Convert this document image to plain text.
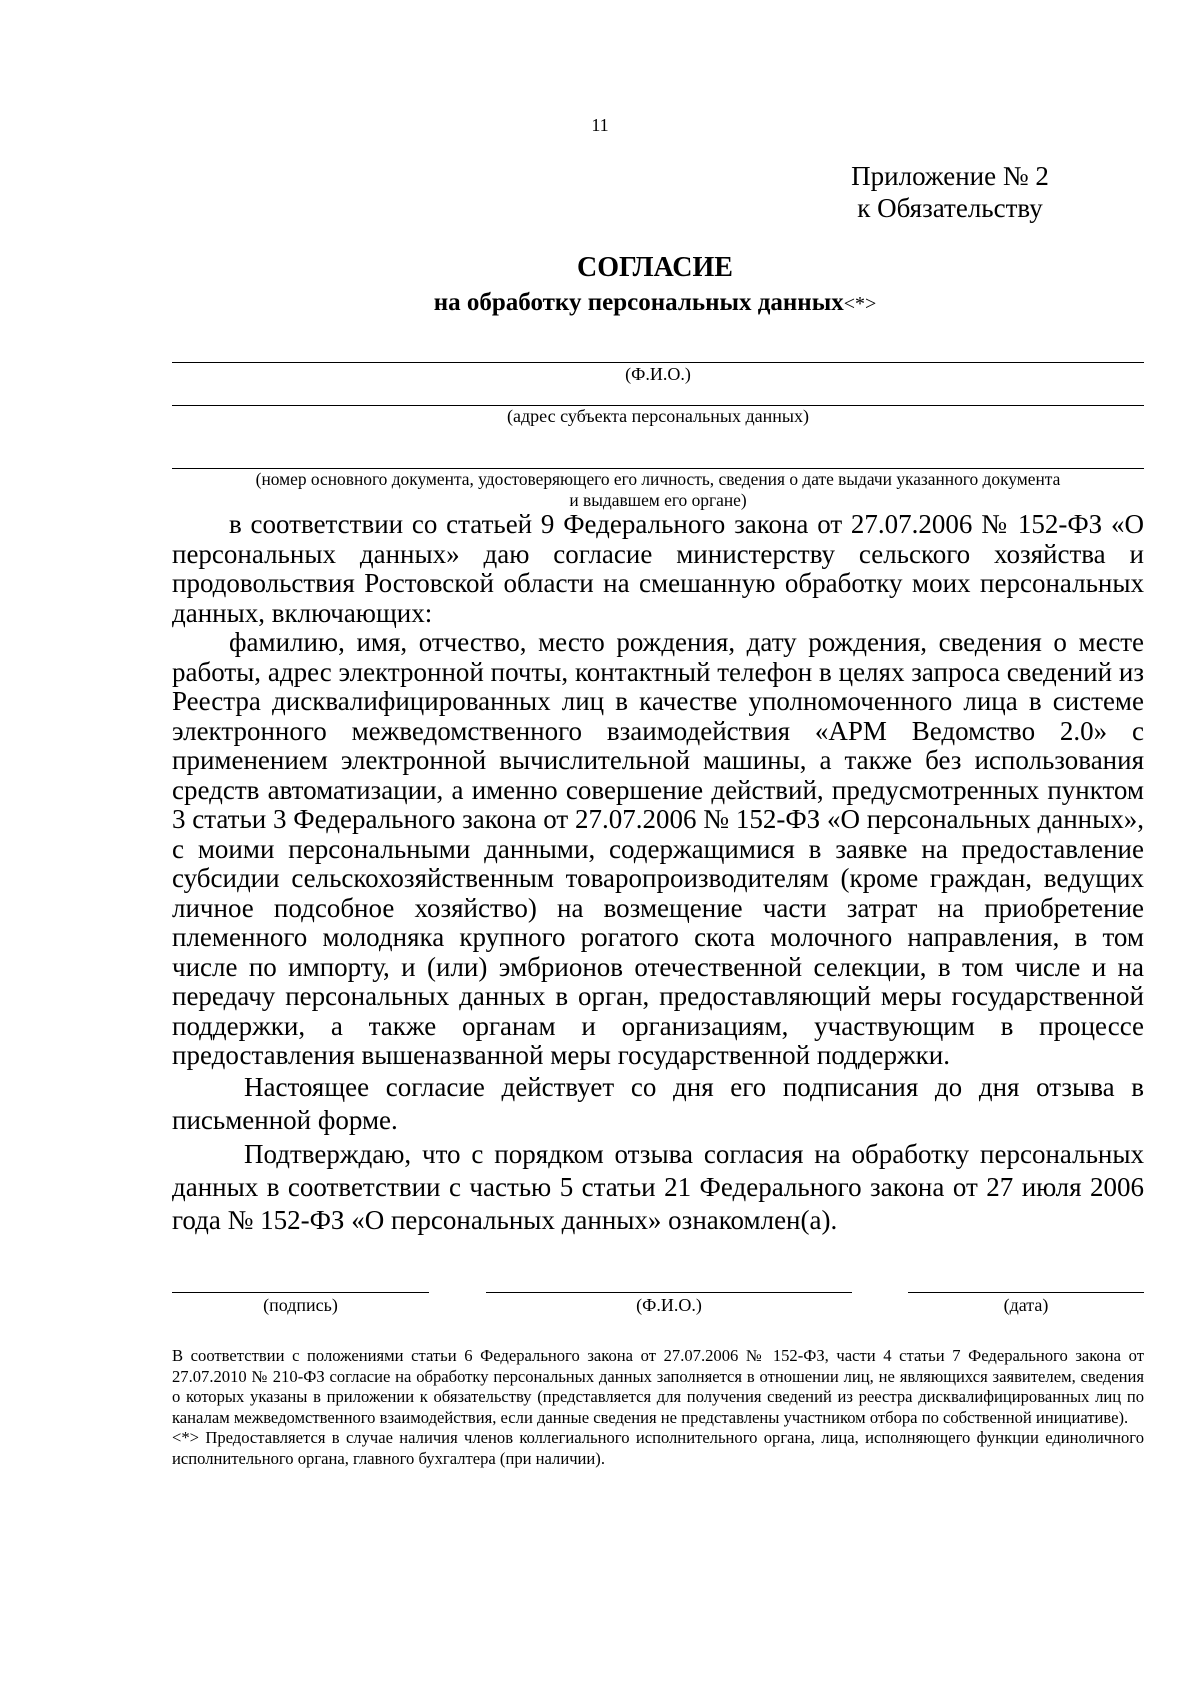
11
Приложение № 2
к Обязательству
СОГЛАСИЕ
на обработку персональных данных<*>
(Ф.И.О.)
(адрес субъекта персональных данных)
(номер основного документа, удостоверяющего его личность, сведения о дате выдачи указанного документа
и выдавшем его органе)

в соответствии со статьей 9 Федерального закона от 27.07.2006 № 152-ФЗ «О персональных данных» даю согласие министерству сельского хозяйства и продовольствия Ростовской области на смешанную обработку моих персональных данных, включающих:

фамилию, имя, отчество, место рождения, дату рождения, сведения о месте работы, адрес электронной почты, контактный телефон в целях запроса сведений из Реестра дисквалифицированных лиц в качестве уполномоченного лица в системе электронного межведомственного взаимодействия «АРМ Ведомство 2.0» с применением электронной вычислительной машины, а также без использования средств автоматизации, а именно совершение действий, предусмотренных пунктом 3 статьи 3 Федерального закона от 27.07.2006 № 152-ФЗ «О персональных данных», с моими персональными данными, содержащимися в заявке на предоставление субсидии сельскохозяйственным товаропроизводителям (кроме граждан, ведущих личное подсобное хозяйство) на возмещение части затрат на приобретение племенного молодняка крупного рогатого скота молочного направления, в том числе по импорту, и (или) эмбрионов отечественной селекции, в том числе и на передачу персональных данных в орган, предоставляющий меры государственной поддержки, а также органам и организациям, участвующим в процессе предоставления вышеназванной меры государственной поддержки.

Настоящее согласие действует со дня его подписания до дня отзыва в письменной форме.

Подтверждаю, что с порядком отзыва согласия на обработку персональных данных в соответствии с частью 5 статьи 21 Федерального закона от 27 июля 2006 года № 152-ФЗ «О персональных данных» ознакомлен(а).

(подпись)	(Ф.И.О.)	(дата)

В соответствии с положениями статьи 6 Федерального закона от 27.07.2006 № 152-ФЗ, части 4 статьи 7 Федерального закона от 27.07.2010 № 210-ФЗ согласие на обработку персональных данных заполняется в отношении лиц, не являющихся заявителем, сведения о которых указаны в приложении к обязательству (представляется для получения сведений из реестра дисквалифицированных лиц по каналам межведомственного взаимодействия, если данные сведения не представлены участником отбора по собственной инициативе).

<*> Предоставляется в случае наличия членов коллегиального исполнительного органа, лица, исполняющего функции единоличного исполнительного органа, главного бухгалтера (при наличии).
